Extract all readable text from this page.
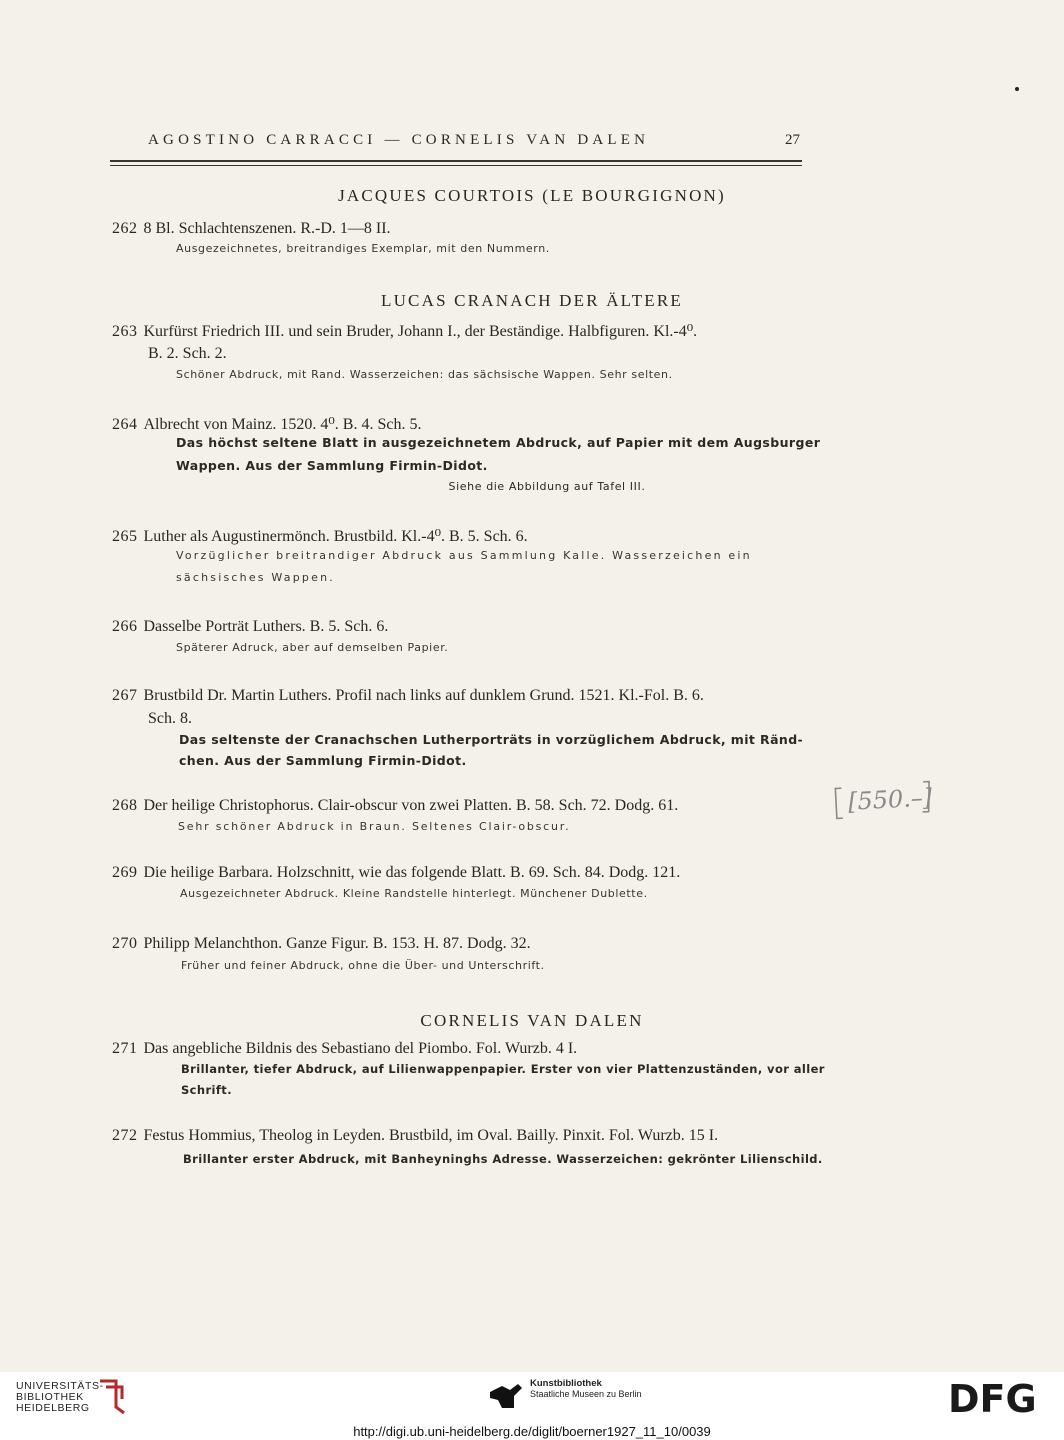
AGOSTINO CARRACCI — CORNELIS VAN DALEN	27
JACQUES COURTOIS (LE BOURGIGNON)
262 8 Bl. Schlachtenszenen. R.-D. 1—8 II.
Ausgezeichnetes, breitrandiges Exemplar, mit den Nummern.
LUCAS CRANACH DER ÄLTERE
263 Kurfürst Friedrich III. und sein Bruder, Johann I., der Beständige. Halbfiguren. Kl.-4⁰.
B. 2. Sch. 2.
Schöner Abdruck, mit Rand. Wasserzeichen: das sächsische Wappen. Sehr selten.
264 Albrecht von Mainz. 1520. 4⁰. B. 4. Sch. 5.
Das höchst seltene Blatt in ausgezeichnetem Abdruck, auf Papier mit dem Augsburger
Wappen. Aus der Sammlung Firmin-Didot.
Siehe die Abbildung auf Tafel III.
265 Luther als Augustinermönch. Brustbild. Kl.-4⁰. B. 5. Sch. 6.
Vorzüglicher breitrandiger Abdruck aus Sammlung Kalle. Wasserzeichen ein
sächsisches Wappen.
266 Dasselbe Porträt Luthers. B. 5. Sch. 6.
Späterer Adruck, aber auf demselben Papier.
267 Brustbild Dr. Martin Luthers. Profil nach links auf dunklem Grund. 1521. Kl.-Fol. B. 6.
Sch. 8.
Das seltenste der Cranachschen Lutherporträts in vorzüglichem Abdruck, mit Ränd-
chen. Aus der Sammlung Firmin-Didot.
268 Der heilige Christophorus. Clair-obscur von zwei Platten. B. 58. Sch. 72. Dodg. 61.
Sehr schöner Abdruck in Braun. Seltenes Clair-obscur.
[550.–]
269 Die heilige Barbara. Holzschnitt, wie das folgende Blatt. B. 69. Sch. 84. Dodg. 121.
Ausgezeichneter Abdruck. Kleine Randstelle hinterlegt. Münchener Dublette.
270 Philipp Melanchthon. Ganze Figur. B. 153. H. 87. Dodg. 32.
Früher und feiner Abdruck, ohne die Über- und Unterschrift.
CORNELIS VAN DALEN
271 Das angebliche Bildnis des Sebastiano del Piombo. Fol. Wurzb. 4 I.
Brillanter, tiefer Abdruck, auf Lilienwappenpapier. Erster von vier Plattenzuständen, vor aller
Schrift.
272 Festus Hommius, Theolog in Leyden. Brustbild, im Oval. Bailly. Pinxit. Fol. Wurzb. 15 I.
Brillanter erster Abdruck, mit Banheyninghs Adresse. Wasserzeichen: gekrönter Lilienschild.
UNIVERSITÄTS-
BIBLIOTHEK
HEIDELBERG
Kunstbibliothek
Staatliche Museen zu Berlin	DFG
http://digi.ub.uni-heidelberg.de/diglit/boerner1927_11_10/0039
